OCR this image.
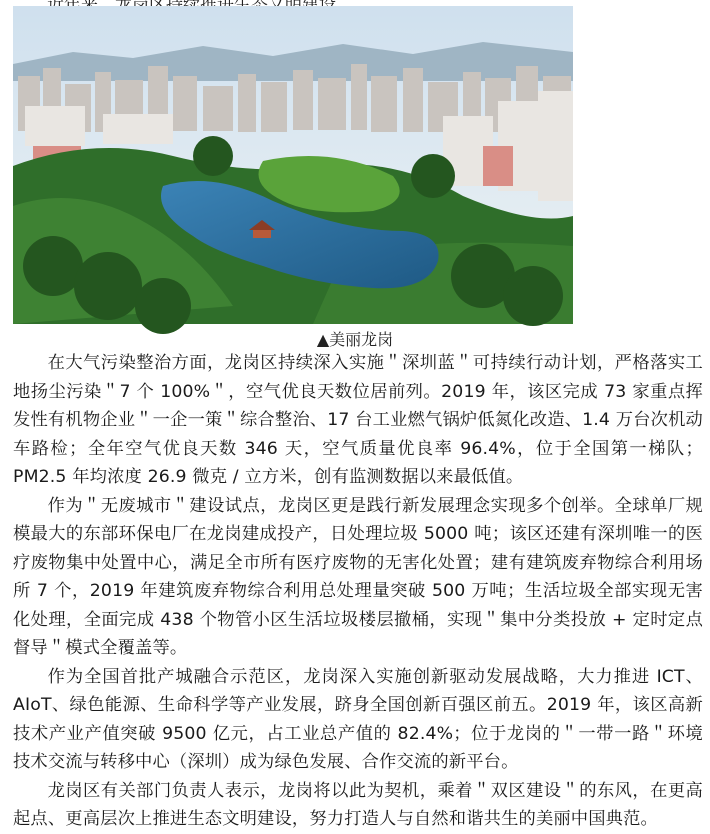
▲美丽龙岗

在大气污染整治方面，龙岗区持续深入实施＂深圳蓝＂可持续行动计划，严格落实工地扬尘污染＂7 个 100%＂，空气优良天数位居前列。2019 年，该区完成 73 家重点挥发性有机物企业＂一企一策＂综合整治、17 台工业燃气锅炉低氮化改造、1.4 万台次机动车路检；全年空气优良天数 346 天，空气质量优良率 96.4%，位于全国第一梯队；PM2.5 年均浓度 26.9 微克 / 立方米，创有监测数据以来最低值。

作为＂无废城市＂建设试点，龙岗区更是践行新发展理念实现多个创举。全球单厂规模最大的东部环保电厂在龙岗建成投产，日处理垃圾 5000 吨；该区还建有深圳唯一的医疗废物集中处置中心，满足全市所有医疗废物的无害化处置；建有建筑废弃物综合利用场所 7 个，2019 年建筑废弃物综合利用总处理量突破 500 万吨；生活垃圾全部实现无害化处理，全面完成 438 个物管小区生活垃圾楼层撤桶，实现＂集中分类投放 + 定时定点督导＂模式全覆盖等。

作为全国首批产城融合示范区，龙岗深入实施创新驱动发展战略，大力推进 ICT、AIoT、绿色能源、生命科学等产业发展，跻身全国创新百强区前五。2019 年，该区高新技术产业产值突破 9500 亿元，占工业总产值的 82.4%；位于龙岗的＂一带一路＂环境技术交流与转移中心（深圳）成为绿色发展、合作交流的新平台。

龙岗区有关部门负责人表示，龙岗将以此为契机，乘着＂双区建设＂的东风，在更高起点、更高层次上推进生态文明建设，努力打造人与自然和谐共生的美丽中国典范。
